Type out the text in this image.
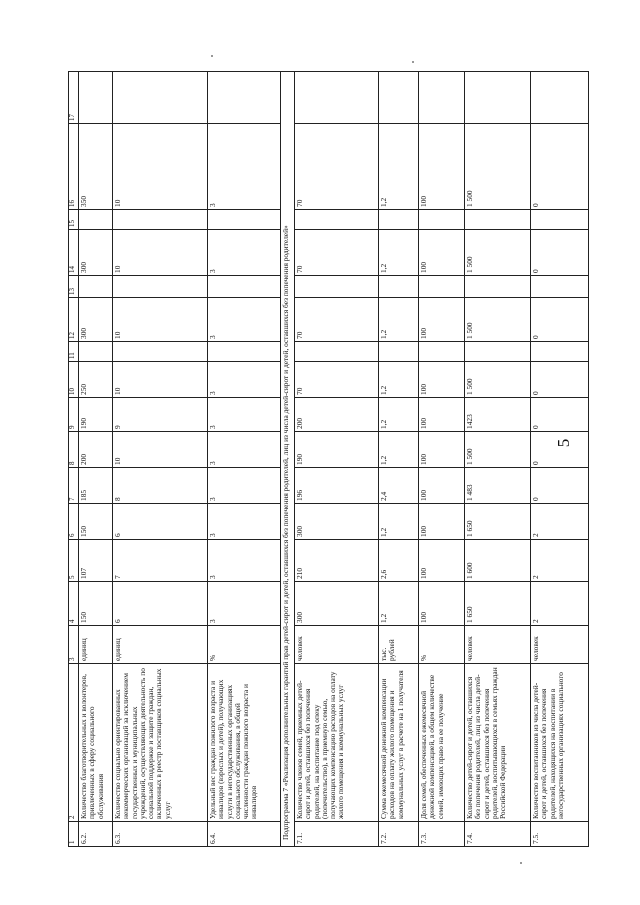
5
1	2	3	4	5	6	7	8	9	10	11	12	13	14	15	16	17
6.2.	Количество благотворительных и волонтеров, привлеченных в сферу социального обслуживания	единиц	150	107	150	185	200	190	250		300		300		350	
6.3.	Количество социально ориентированных некоммерческих организаций за исключением государственных и муниципальных учреждений, осуществляющих деятельность по социальной поддержке и защите граждан, включенных в реестр поставщиков социальных услуг	единиц	6	7	6	8	10	9	10		10		10		10	
6.4.	Удельный вес граждан пожилого возраста и инвалидов (взрослых и детей), получающих услуги в негосударственных организациях социального обслуживания, в общей численности граждан пожилого возраста и инвалидов	%	3	3	3	3	3	3	3		3		3		3	
Подпрограмма 7 «Реализация дополнительных гарантий прав детей-сирот и детей, оставшихся без попечения родителей, лиц из числа детей-сирот и детей, оставшихся без попечения родителей»																
7.1.	Количество членов семей, приемных детей-сирот и детей, оставшихся без попечения родителей, на воспитание под опеку (попечительство), в приемную семью, получающих компенсацию расходов на оплату жилого помещения и коммунальных услуг	человек	300	210	300	196	190	200	70		70		70		70	
7.2.	Сумма ежемесячной денежной компенсации расходов на оплату жилого помещения и коммунальных услуг в расчете на 1 получателя	тыс. рублей	1,2	2,6	1,2	2,4	1,2	1,2	1,2		1,2		1,2		1,2	
7.3.	Доля семей, обеспеченных ежемесячной денежной компенсацией, в общем количестве семей, имеющих право на ее получение	%	100	100	100	100	100	100	100		100		100		100	
7.4.	Количество детей-сирот и детей, оставшихся без попечения родителей, лиц из числа детей-сирот и детей, оставшихся без попечения родителей, воспитывающихся в семьях граждан Российской Федерации	человек	1 650	1 600	1 650	1 483	1 500	1423	1 500		1 500		1 500		1 500	
7.5.	Количество воспитанников из числа детей-сирот и детей, оставшихся без попечения родителей, находящихся на воспитании в негосударственных организациях социального	человек	2	2	2	0	0	0	0		0		0		0	
